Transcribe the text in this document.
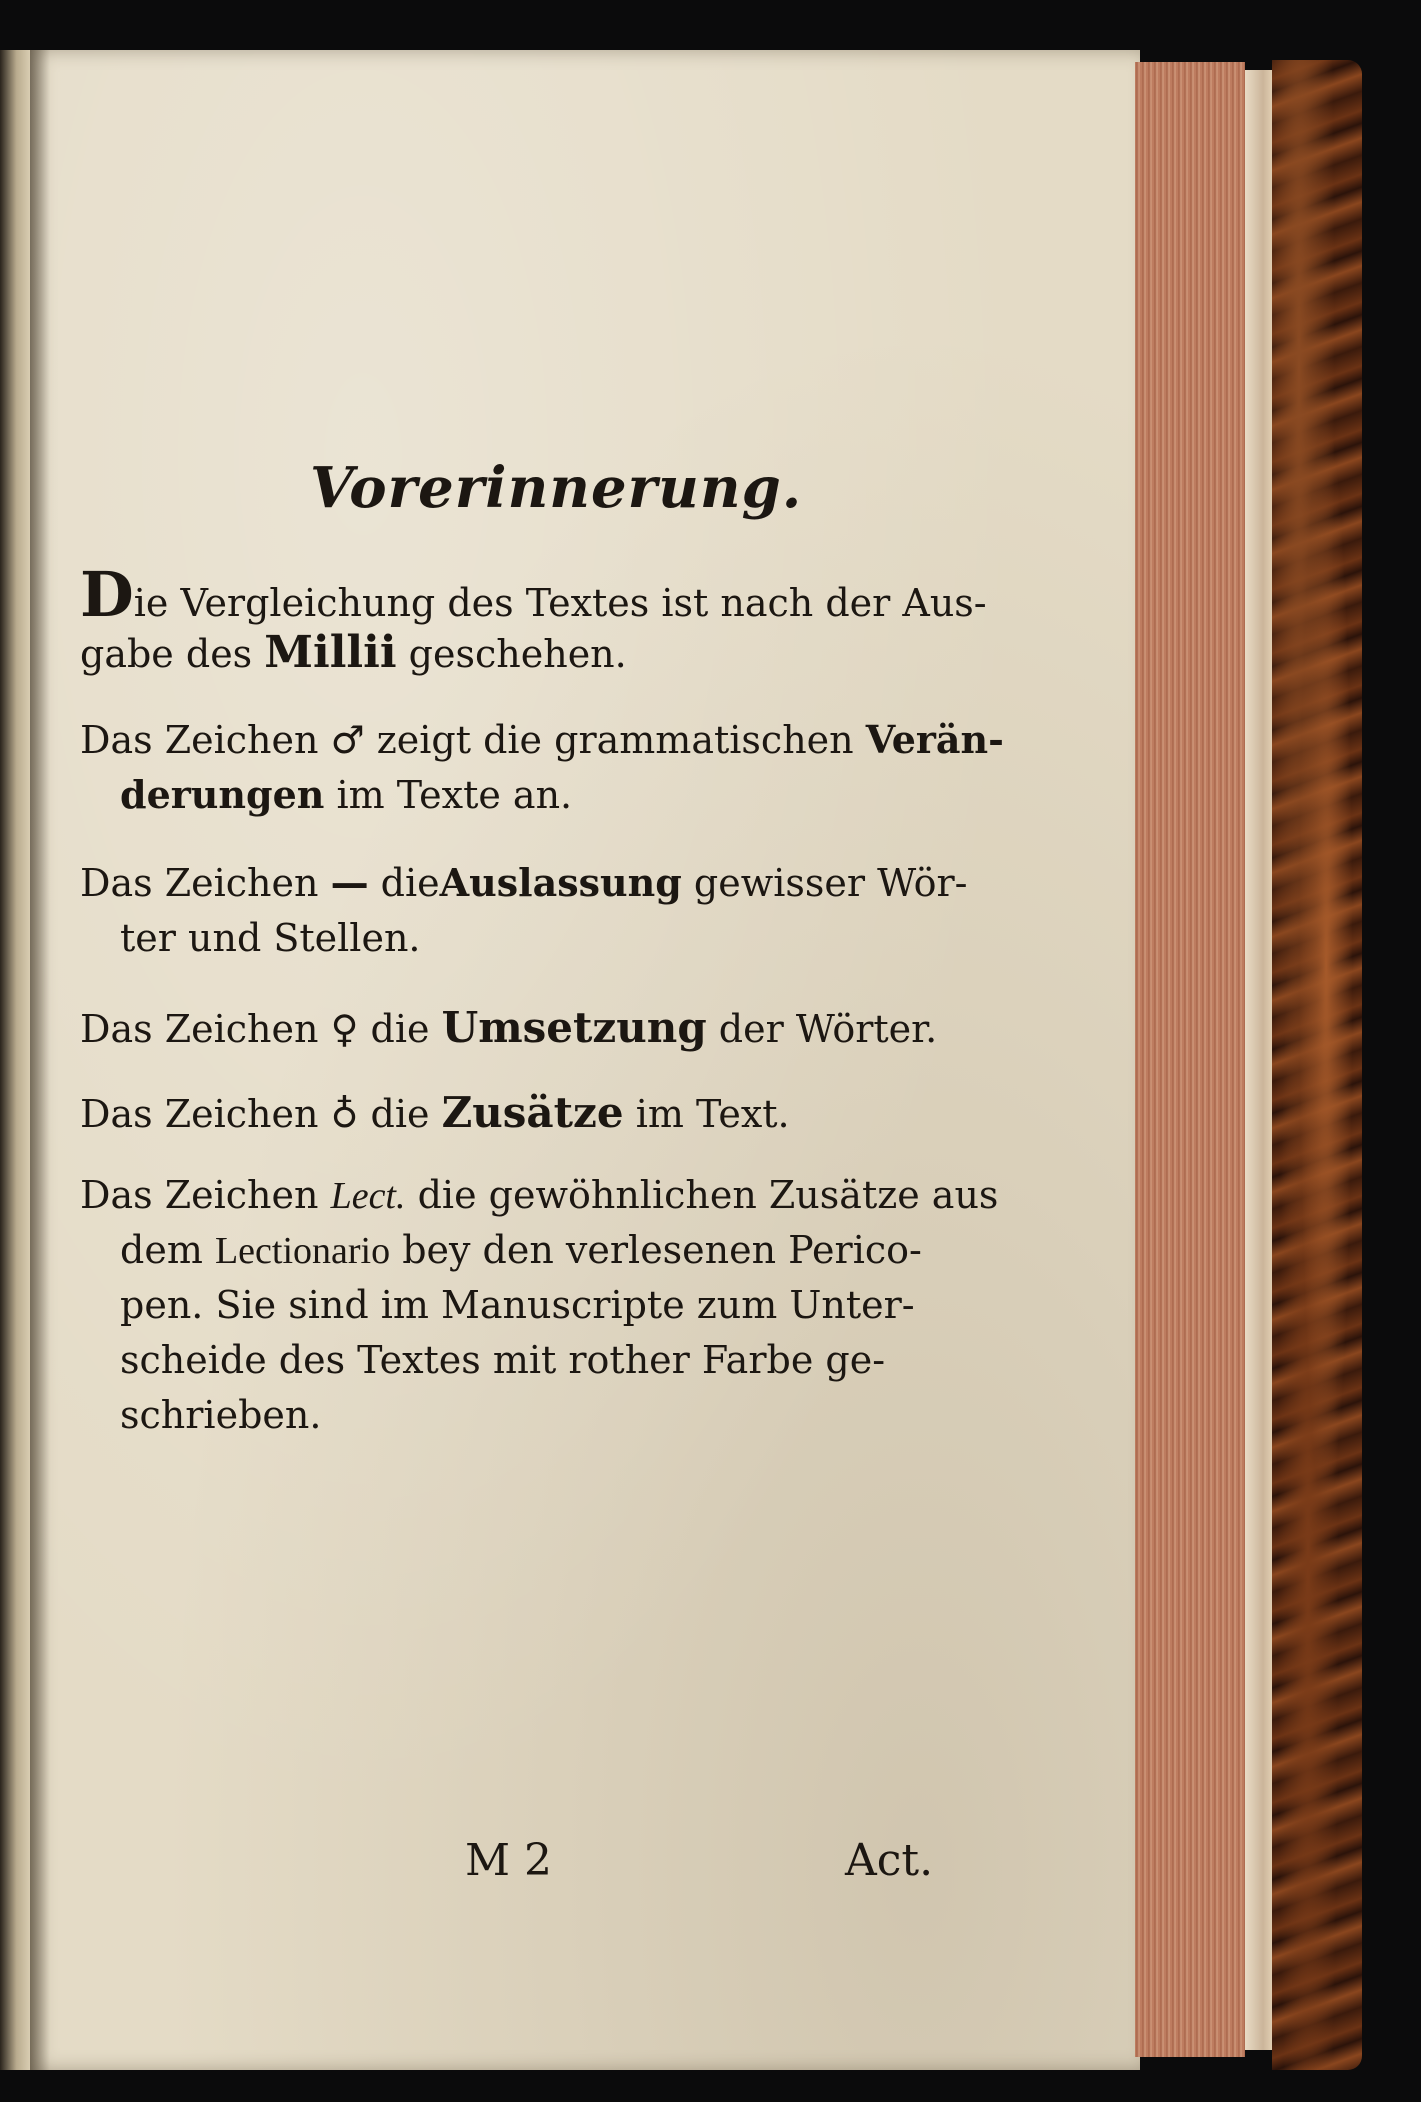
Vorerinnerung.
Die Vergleichung des Textes ist nach der Aus-
gabe des Millii geschehen.
Das Zeichen ♂ zeigt die grammatischen Verän-
derungen im Texte an.
Das Zeichen — dieAuslassung gewisser Wör-
ter und Stellen.
Das Zeichen ♀ die Umsetzung der Wörter.
Das Zeichen ♁ die Zusätze im Text.
Das Zeichen Lect. die gewöhnlichen Zusätze aus
dem Lectionario bey den verlesenen Perico-
pen. Sie sind im Manuscripte zum Unter-
scheide des Textes mit rother Farbe ge-
schrieben.
M 2	Act.
